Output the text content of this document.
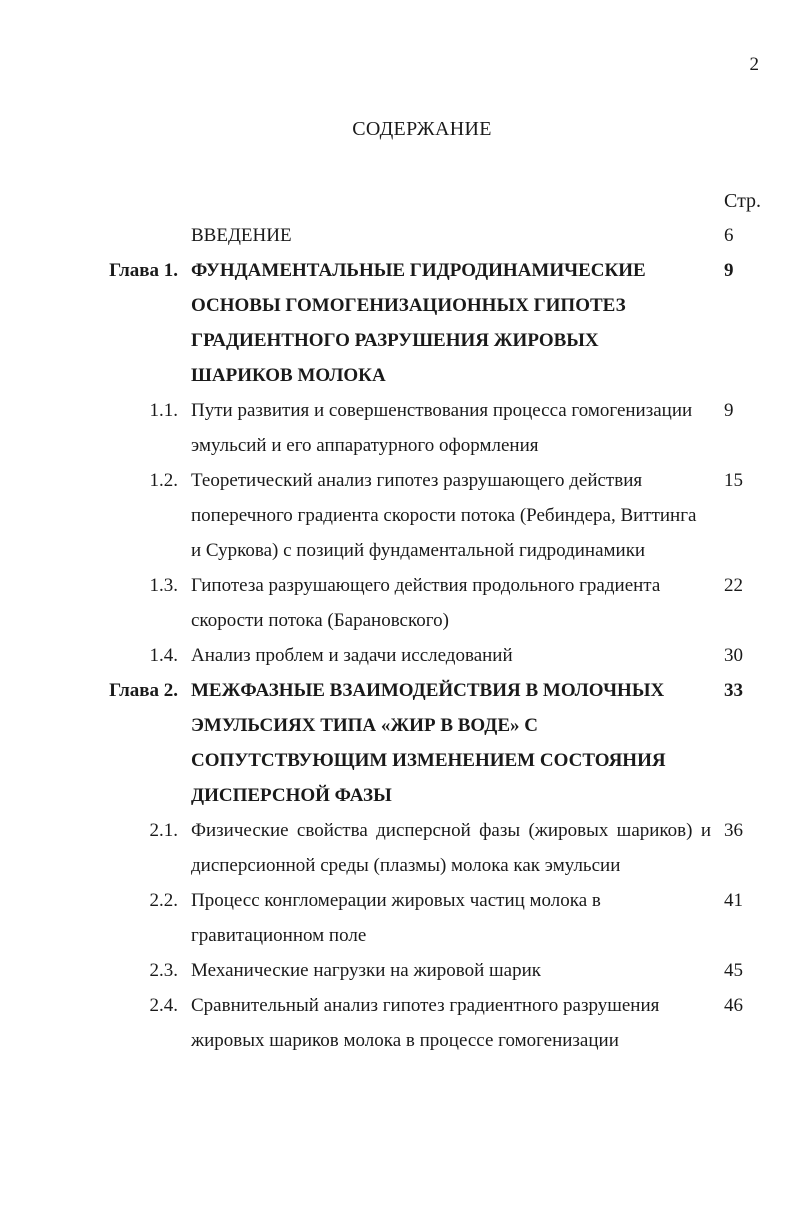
2
СОДЕРЖАНИЕ
Стр.
ВВЕДЕНИЕ	6
Глава 1. ФУНДАМЕНТАЛЬНЫЕ ГИДРОДИНАМИЧЕСКИЕ	9
ОСНОВЫ ГОМОГЕНИЗАЦИОННЫХ ГИПОТЕЗ
ГРАДИЕНТНОГО РАЗРУШЕНИЯ ЖИРОВЫХ
ШАРИКОВ МОЛОКА
1.1. Пути развития и совершенствования процесса гомогенизации 9
эмульсий и его аппаратурного оформления
1.2. Теоретический анализ гипотез разрушающего действия	15
поперечного градиента скорости потока (Ребиндера, Виттинга
и Суркова) с позиций фундаментальной гидродинамики
1.3. Гипотеза разрушающего действия продольного градиента	22
скорости потока (Барановского)
1.4. Анализ проблем и задачи исследований	30
Глава 2. МЕЖФАЗНЫЕ ВЗАИМОДЕЙСТВИЯ В МОЛОЧНЫХ	33
ЭМУЛЬСИЯХ ТИПА «ЖИР В ВОДЕ» С
СОПУТСТВУЮЩИМ ИЗМЕНЕНИЕМ СОСТОЯНИЯ
ДИСПЕРСНОЙ ФАЗЫ
2.1. Физические свойства дисперсной фазы (жировых шариков) и 36
дисперсионной среды (плазмы) молока как эмульсии
2.2. Процесс конгломерации жировых частиц молока в	41
гравитационном поле
2.3. Механические нагрузки на жировой шарик	45
2.4. Сравнительный анализ гипотез градиентного разрушения	46
жировых шариков молока в процессе гомогенизации
